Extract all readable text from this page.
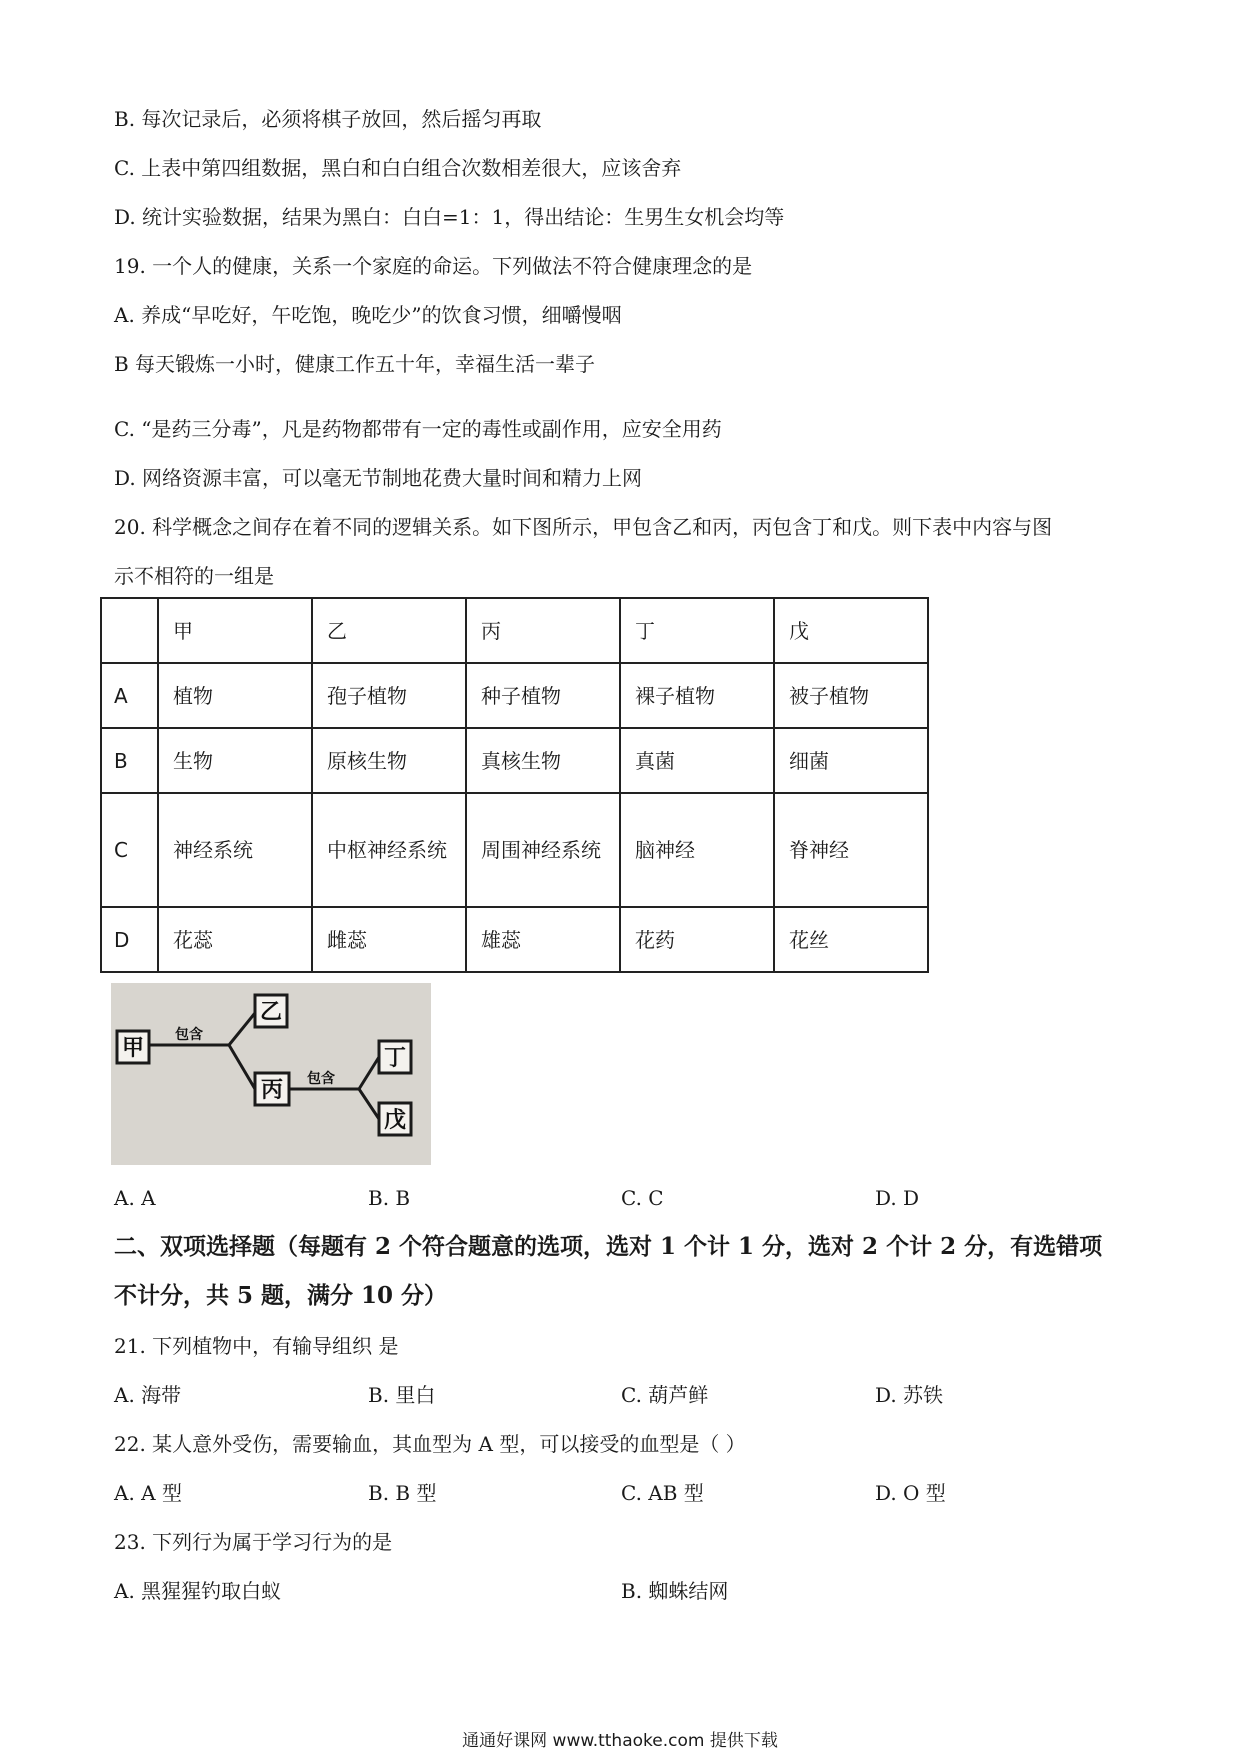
B. 每次记录后，必须将棋子放回，然后摇匀再取
C. 上表中第四组数据，黑白和白白组合次数相差很大，应该舍弃
D. 统计实验数据，结果为黑白：白白=1：1，得出结论：生男生女机会均等
19. 一个人的健康，关系一个家庭的命运。下列做法不符合健康理念的是
A. 养成“早吃好，午吃饱，晚吃少”的饮食习惯，细嚼慢咽
B 每天锻炼一小时，健康工作五十年，幸福生活一辈子
C. “是药三分毒”，凡是药物都带有一定的毒性或副作用，应安全用药
D. 网络资源丰富，可以毫无节制地花费大量时间和精力上网
20. 科学概念之间存在着不同的逻辑关系。如下图所示，甲包含乙和丙，丙包含丁和戊。则下表中内容与图
示不相符的一组是
	甲	乙	丙	丁	戊
A	植物	孢子植物	种子植物	裸子植物	被子植物
B	生物	原核生物	真核生物	真菌	细菌
C	神经系统	中枢神经系统	周围神经系统	脑神经	脊神经
D	花蕊	雌蕊	雄蕊	花药	花丝
甲
乙
丙
丁
戊
包含
包含
A. A	B. B	C. C	D. D
二、双项选择题（每题有 2 个符合题意的选项，选对 1 个计 1 分，选对 2 个计 2 分，有选错项
不计分，共 5 题，满分 10 分）
21. 下列植物中，有输导组织 是
A. 海带	B. 里白	C. 葫芦鲜	D. 苏铁
22. 某人意外受伤，需要输血，其血型为 A 型，可以接受的血型是（ ）
A. A 型	B. B 型	C. AB 型	D. O 型
23. 下列行为属于学习行为的是
A. 黑猩猩钓取白蚁	B. 蜘蛛结网
通通好课网 www.tthaoke.com 提供下载
